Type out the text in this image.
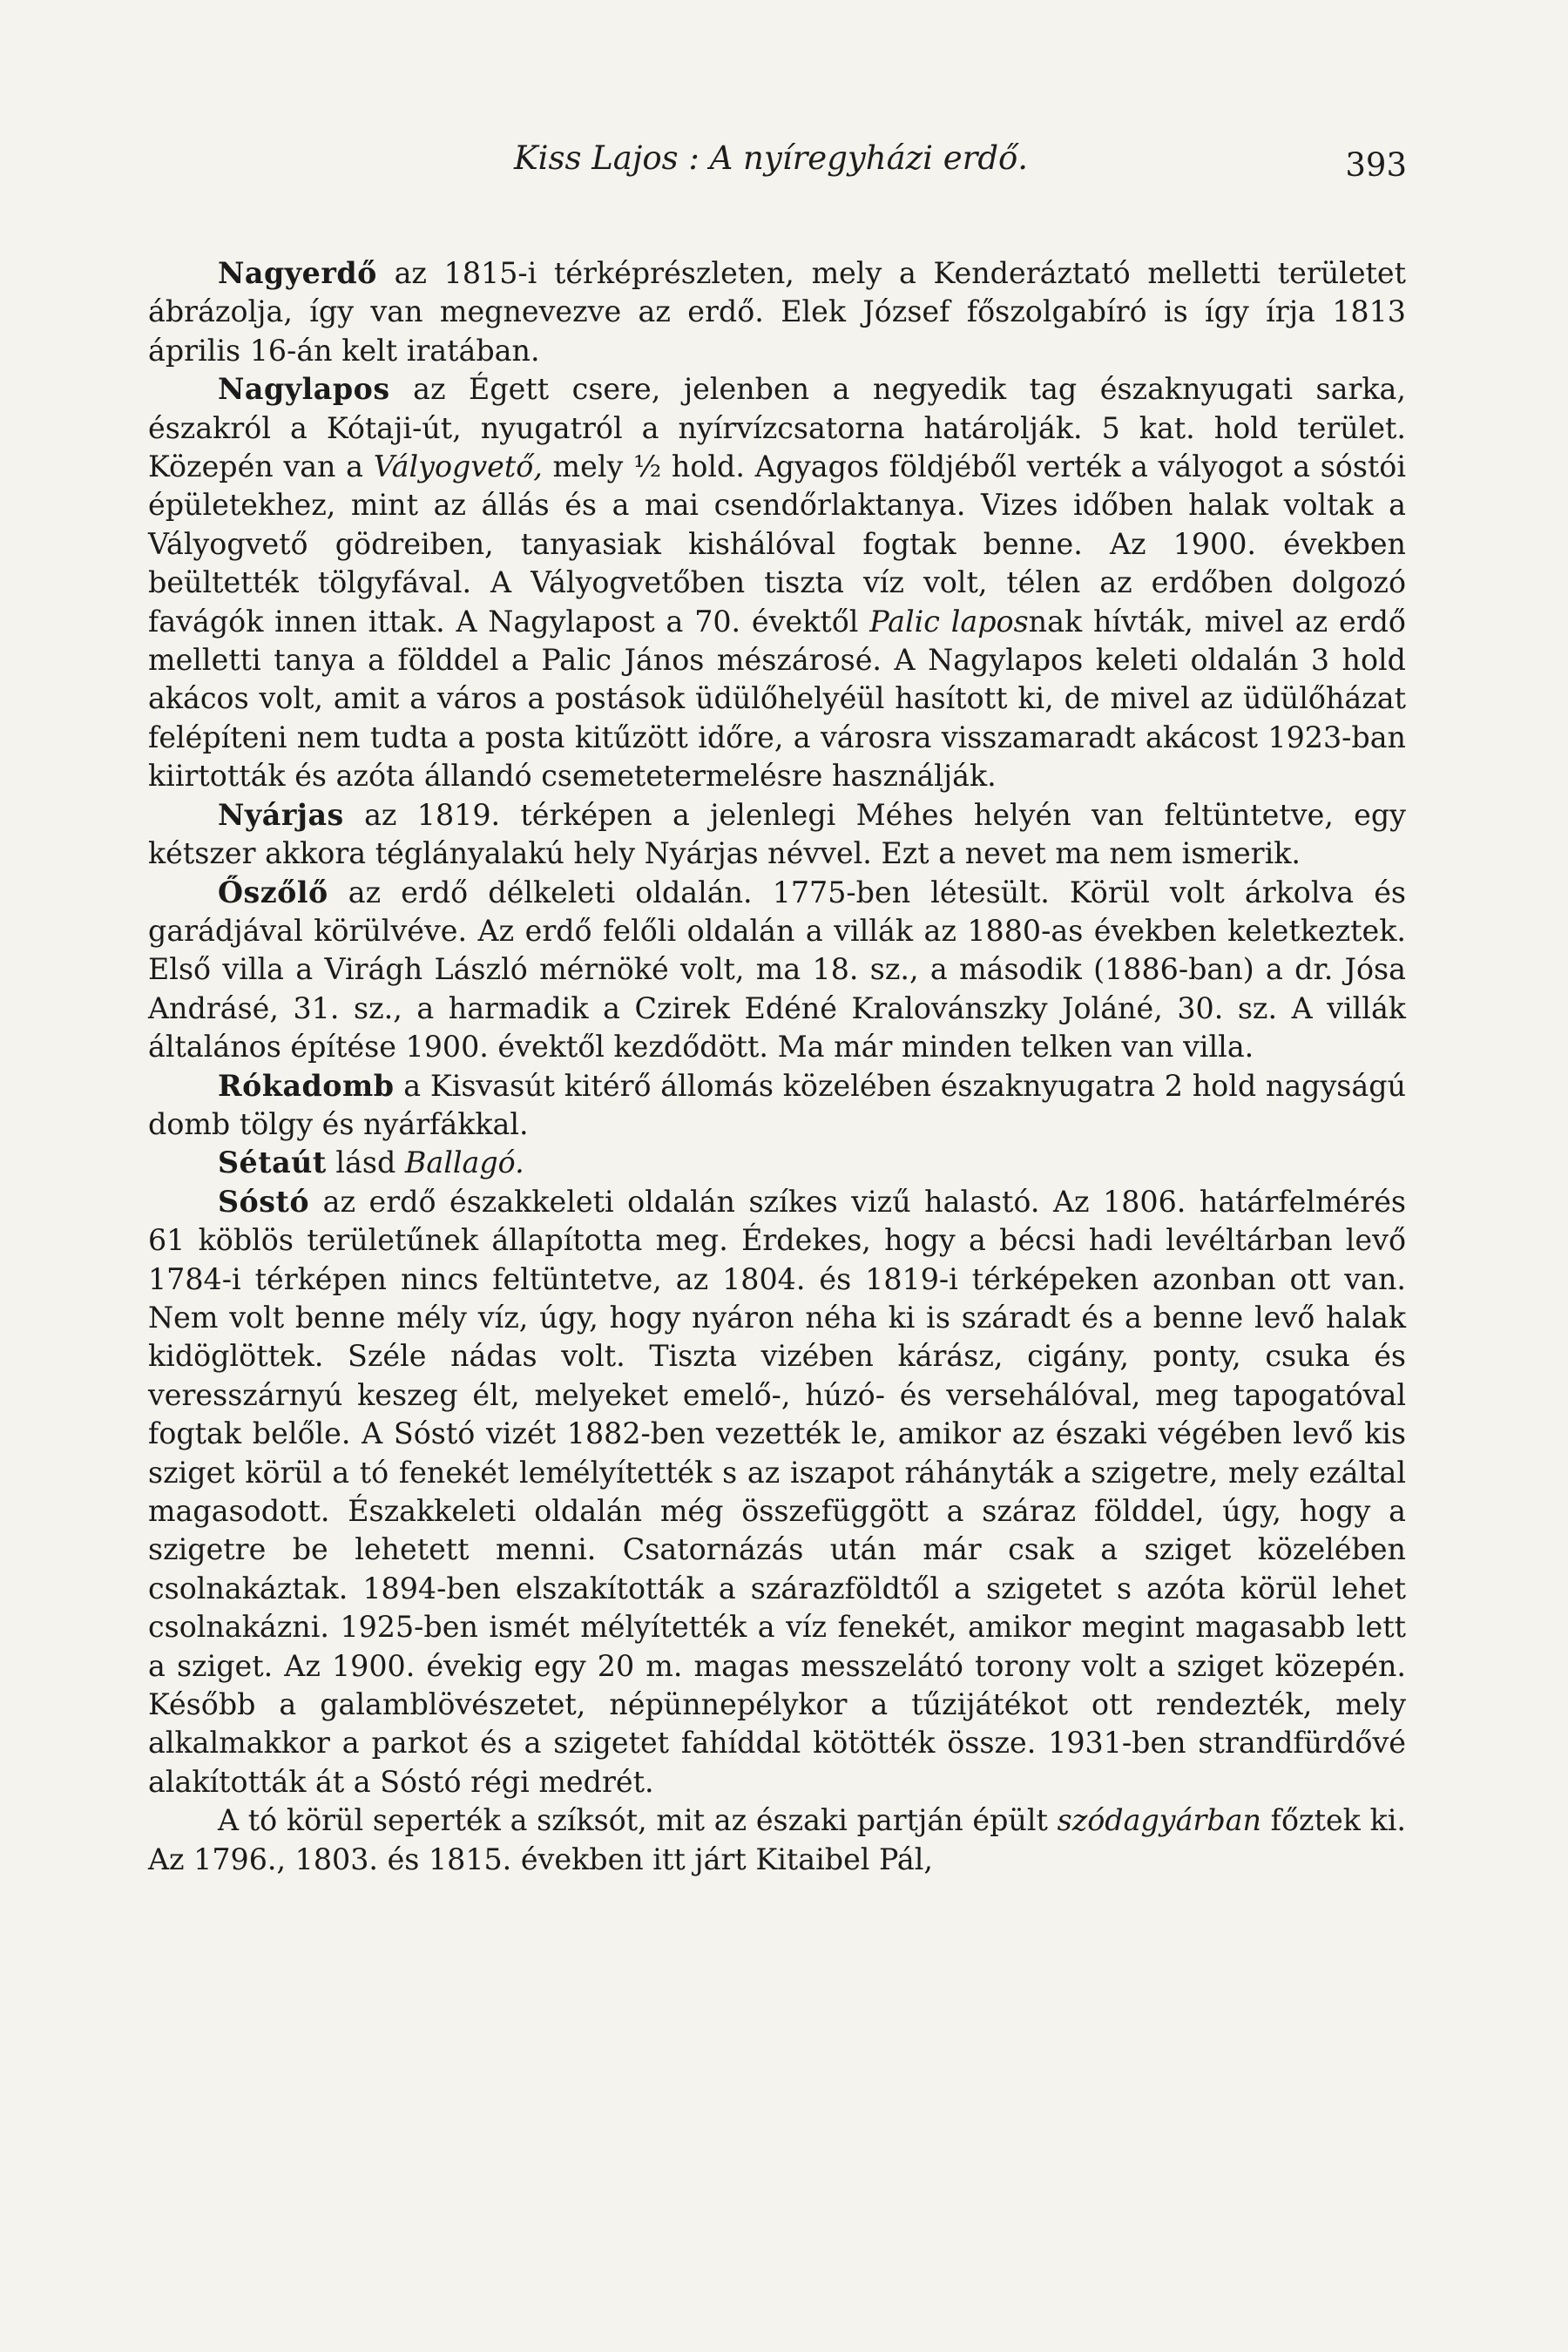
Kiss Lajos : A nyíregyházi erdő.	393

Nagyerdő az 1815-i térképrészleten, mely a Kenderáztató melletti területet ábrázolja, így van megnevezve az erdő. Elek József főszolgabíró is így írja 1813 április 16-án kelt iratában.

Nagylapos az Égett csere, jelenben a negyedik tag északnyugati sarka, északról a Kótaji-út, nyugatról a nyírvízcsatorna határolják. 5 kat. hold terület. Közepén van a Vályogvető, mely ½ hold. Agyagos földjéből verték a vályogot a sóstói épületekhez, mint az állás és a mai csendőrlaktanya. Vizes időben halak voltak a Vályogvető gödreiben, tanyasiak kishálóval fogtak benne. Az 1900. években beültették tölgyfával. A Vályogvetőben tiszta víz volt, télen az erdőben dolgozó favágók innen ittak. A Nagylapost a 70. évektől Palic laposnak hívták, mivel az erdő melletti tanya a földdel a Palic János mészárosé. A Nagylapos keleti oldalán 3 hold akácos volt, amit a város a postások üdülőhelyéül hasított ki, de mivel az üdülőházat felépíteni nem tudta a posta kitűzött időre, a városra visszamaradt akácost 1923-ban kiirtották és azóta állandó csemetetermelésre használják.

Nyárjas az 1819. térképen a jelenlegi Méhes helyén van feltüntetve, egy kétszer akkora téglányalakú hely Nyárjas névvel. Ezt a nevet ma nem ismerik.

Őszőlő az erdő délkeleti oldalán. 1775-ben létesült. Körül volt árkolva és garádjával körülvéve. Az erdő felőli oldalán a villák az 1880-as években keletkeztek. Első villa a Virágh László mérnöké volt, ma 18. sz., a második (1886-ban) a dr. Jósa Andrásé, 31. sz., a harmadik a Czirek Edéné Kralovánszky Joláné, 30. sz. A villák általános építése 1900. évektől kezdődött. Ma már minden telken van villa.

Rókadomb a Kisvasút kitérő állomás közelében északnyugatra 2 hold nagyságú domb tölgy és nyárfákkal.

Sétaút lásd Ballagó.

Sóstó az erdő északkeleti oldalán szíkes vizű halastó. Az 1806. határfelmérés 61 köblös területűnek állapította meg. Érdekes, hogy a bécsi hadi levéltárban levő 1784-i térképen nincs feltüntetve, az 1804. és 1819-i térképeken azonban ott van. Nem volt benne mély víz, úgy, hogy nyáron néha ki is száradt és a benne levő halak kidöglöttek. Széle nádas volt. Tiszta vizében kárász, cigány, ponty, csuka és veresszárnyú keszeg élt, melyeket emelő-, húzó- és versehálóval, meg tapogatóval fogtak belőle. A Sóstó vizét 1882-ben vezették le, amikor az északi végében levő kis sziget körül a tó fenekét lemélyítették s az iszapot ráhányták a szigetre, mely ezáltal magasodott. Északkeleti oldalán még összefüggött a száraz földdel, úgy, hogy a szigetre be lehetett menni. Csatornázás után már csak a sziget közelében csolnakáztak. 1894-ben elszakították a szárazföldtől a szigetet s azóta körül lehet csolnakázni. 1925-ben ismét mélyítették a víz fenekét, amikor megint magasabb lett a sziget. Az 1900. évekig egy 20 m. magas messzelátó torony volt a sziget közepén. Később a galamblövészetet, népünnepélykor a tűzijátékot ott rendezték, mely alkalmakkor a parkot és a szigetet fahíddal kötötték össze. 1931-ben strandfürdővé alakították át a Sóstó régi medrét.

A tó körül seperték a szíksót, mit az északi partján épült szódagyárban főztek ki. Az 1796., 1803. és 1815. években itt járt Kitaibel Pál,
